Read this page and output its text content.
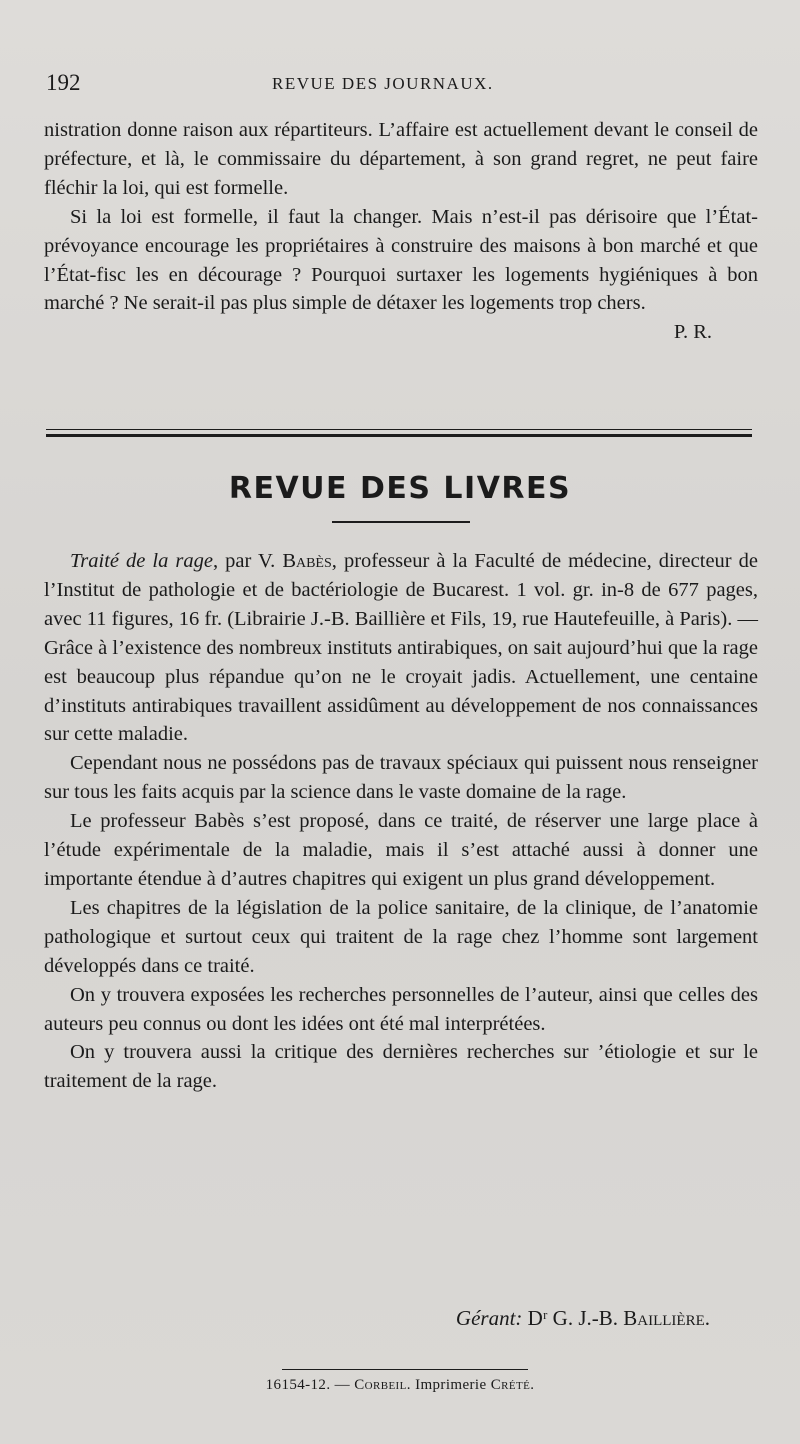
192	REVUE DES JOURNAUX.

nistration donne raison aux répartiteurs. L’affaire est actuellement devant le conseil de préfecture, et là, le commissaire du département, à son grand regret, ne peut faire fléchir la loi, qui est formelle.

Si la loi est formelle, il faut la changer. Mais n’est-il pas dérisoire que l’État-prévoyance encourage les propriétaires à construire des maisons à bon marché et que l’État-fisc les en décourage ? Pourquoi surtaxer les logements hygiéniques à bon marché ? Ne serait-il pas plus simple de détaxer les logements trop chers.

P. R.

REVUE DES LIVRES

Traité de la rage, par V. Babès, professeur à la Faculté de médecine, directeur de l’Institut de pathologie et de bactériologie de Bucarest. 1 vol. gr. in-8 de 677 pages, avec 11 figures, 16 fr. (Librairie J.-B. Baillière et Fils, 19, rue Hautefeuille, à Paris). — Grâce à l’existence des nombreux instituts antirabiques, on sait aujourd’hui que la rage est beaucoup plus répandue qu’on ne le croyait jadis. Actuellement, une centaine d’instituts antirabiques travaillent assidûment au développement de nos connaissances sur cette maladie.

Cependant nous ne possédons pas de travaux spéciaux qui puissent nous renseigner sur tous les faits acquis par la science dans le vaste domaine de la rage.

Le professeur Babès s’est proposé, dans ce traité, de réserver une large place à l’étude expérimentale de la maladie, mais il s’est attaché aussi à donner une importante étendue à d’autres chapitres qui exigent un plus grand développement.

Les chapitres de la législation de la police sanitaire, de la clinique, de l’anatomie pathologique et surtout ceux qui traitent de la rage chez l’homme sont largement développés dans ce traité.

On y trouvera exposées les recherches personnelles de l’auteur, ainsi que celles des auteurs peu connus ou dont les idées ont été mal interprétées.

On y trouvera aussi la critique des dernières recherches sur ’étiologie et sur le traitement de la rage.

Gérant: Dʳ G. J.-B. Baillière.
16154-12. — Corbeil. Imprimerie Crété.
